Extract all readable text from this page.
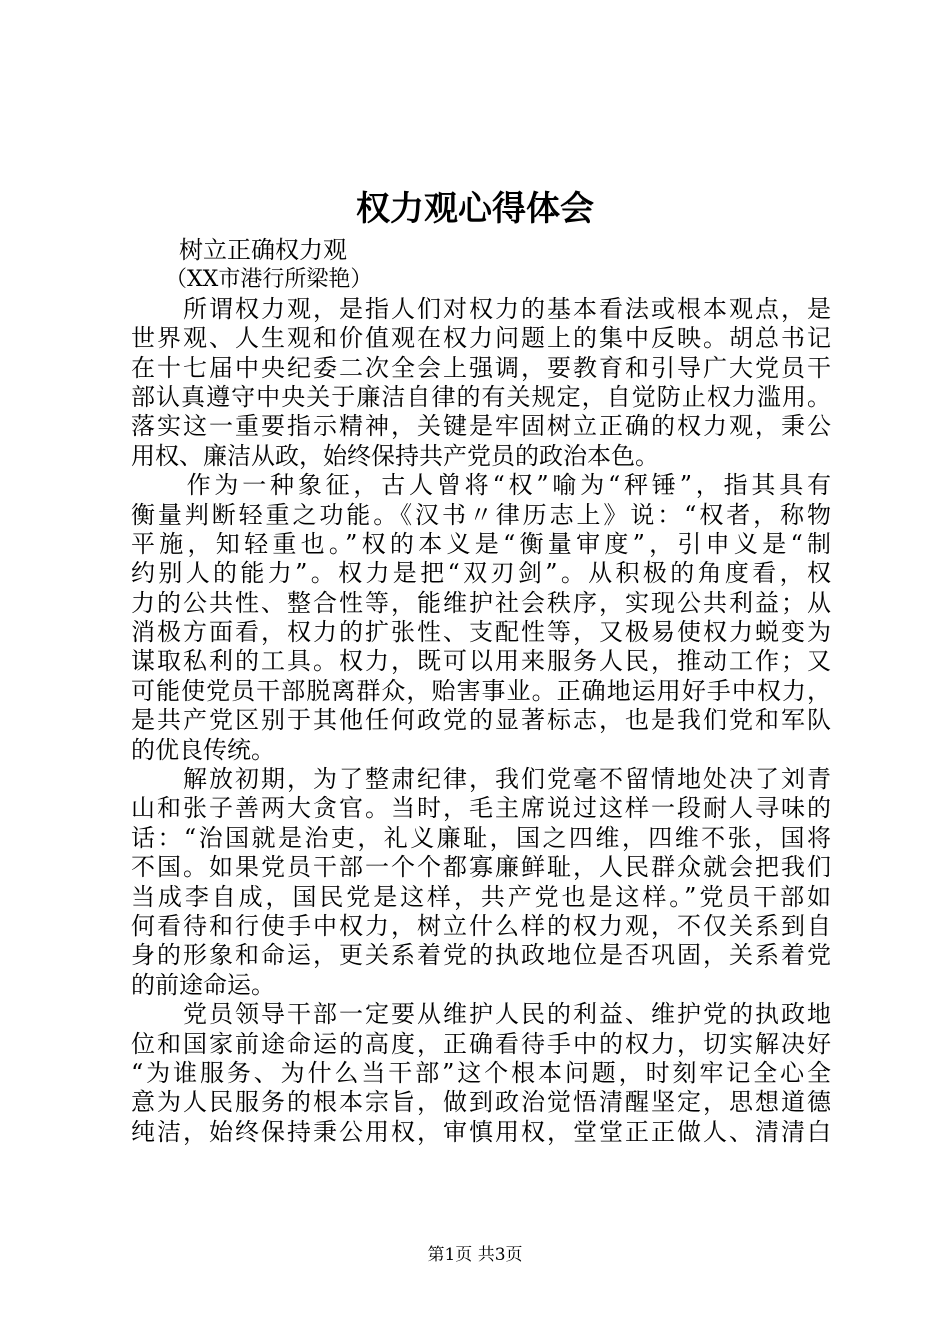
权力观心得体会
树立正确权力观
（XX市港行所梁艳）
　　所谓权力观，是指人们对权力的基本看法或根本观点，是
世界观、人生观和价值观在权力问题上的集中反映。胡总书记
在十七届中央纪委二次全会上强调，要教育和引导广大党员干
部认真遵守中央关于廉洁自律的有关规定，自觉防止权力滥用。
落实这一重要指示精神，关键是牢固树立正确的权力观，秉公
用权、廉洁从政，始终保持共产党员的政治本色。
　　作为一种象征，古人曾将“权”喻为“秤锤”，指其具有
衡量判断轻重之功能。《汉书〃律历志上》说：“权者，称物
平施，知轻重也。”权的本义是“衡量审度”，引申义是“制
约别人的能力”。权力是把“双刃剑”。从积极的角度看，权
力的公共性、整合性等，能维护社会秩序，实现公共利益；从
消极方面看，权力的扩张性、支配性等，又极易使权力蜕变为
谋取私利的工具。权力，既可以用来服务人民，推动工作；又
可能使党员干部脱离群众，贻害事业。正确地运用好手中权力，
是共产党区别于其他任何政党的显著标志，也是我们党和军队
的优良传统。
　　解放初期，为了整肃纪律，我们党毫不留情地处决了刘青
山和张子善两大贪官。当时，毛主席说过这样一段耐人寻味的
话：“治国就是治吏，礼义廉耻，国之四维，四维不张，国将
不国。如果党员干部一个个都寡廉鲜耻，人民群众就会把我们
当成李自成，国民党是这样，共产党也是这样。”党员干部如
何看待和行使手中权力，树立什么样的权力观，不仅关系到自
身的形象和命运，更关系着党的执政地位是否巩固，关系着党
的前途命运。
　　党员领导干部一定要从维护人民的利益、维护党的执政地
位和国家前途命运的高度，正确看待手中的权力，切实解决好
“为谁服务、为什么当干部”这个根本问题，时刻牢记全心全
意为人民服务的根本宗旨，做到政治觉悟清醒坚定，思想道德
纯洁，始终保持秉公用权，审慎用权，堂堂正正做人、清清白
第1页 共3页
